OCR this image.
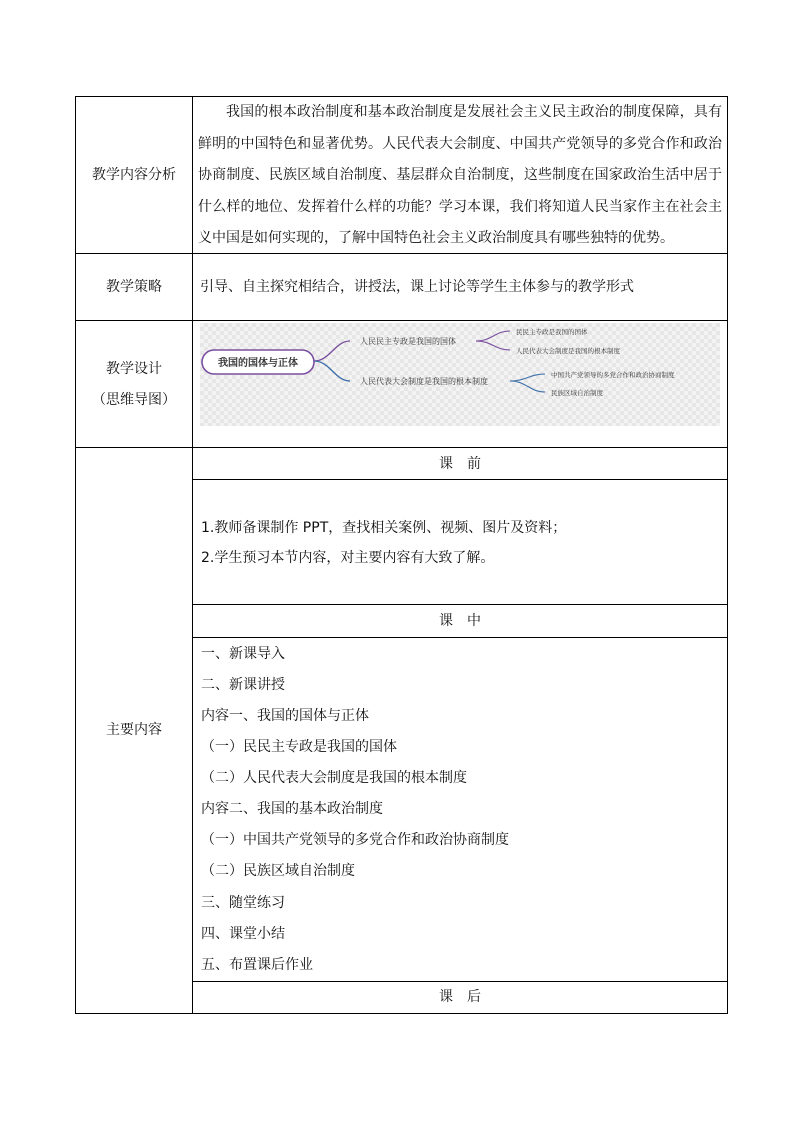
教学内容分析

我国的根本政治制度和基本政治制度是发展社会主义民主政治的制度保障，具有鲜明的中国特色和显著优势。人民代表大会制度、中国共产党领导的多党合作和政治协商制度、民族区域自治制度、基层群众自治制度，这些制度在国家政治生活中居于什么样的地位、发挥着什么样的功能？学习本课，我们将知道人民当家作主在社会主义中国是如何实现的，了解中国特色社会主义政治制度具有哪些独特的优势。

教学策略	引导、自主探究相结合，讲授法，课上讨论等学生主体参与的教学形式
教学设计
（思维导图）
我国的国体与正体
人民民主专政是我国的国体
人民代表大会制度是我国的根本制度
民民主专政是我国的国体
人民代表大会制度是我国的根本制度
中国共产党领导的多党合作和政治协商制度
民族区域自治制度
主要内容
课　前
1.教师备课制作 PPT，查找相关案例、视频、图片及资料；
2.学生预习本节内容，对主要内容有大致了解。
课　中
一、新课导入
二、新课讲授
内容一、我国的国体与正体
（一）民民主专政是我国的国体
（二）人民代表大会制度是我国的根本制度
内容二、我国的基本政治制度
（一）中国共产党领导的多党合作和政治协商制度
（二）民族区域自治制度
三、随堂练习
四、课堂小结
五、布置课后作业
课　后
